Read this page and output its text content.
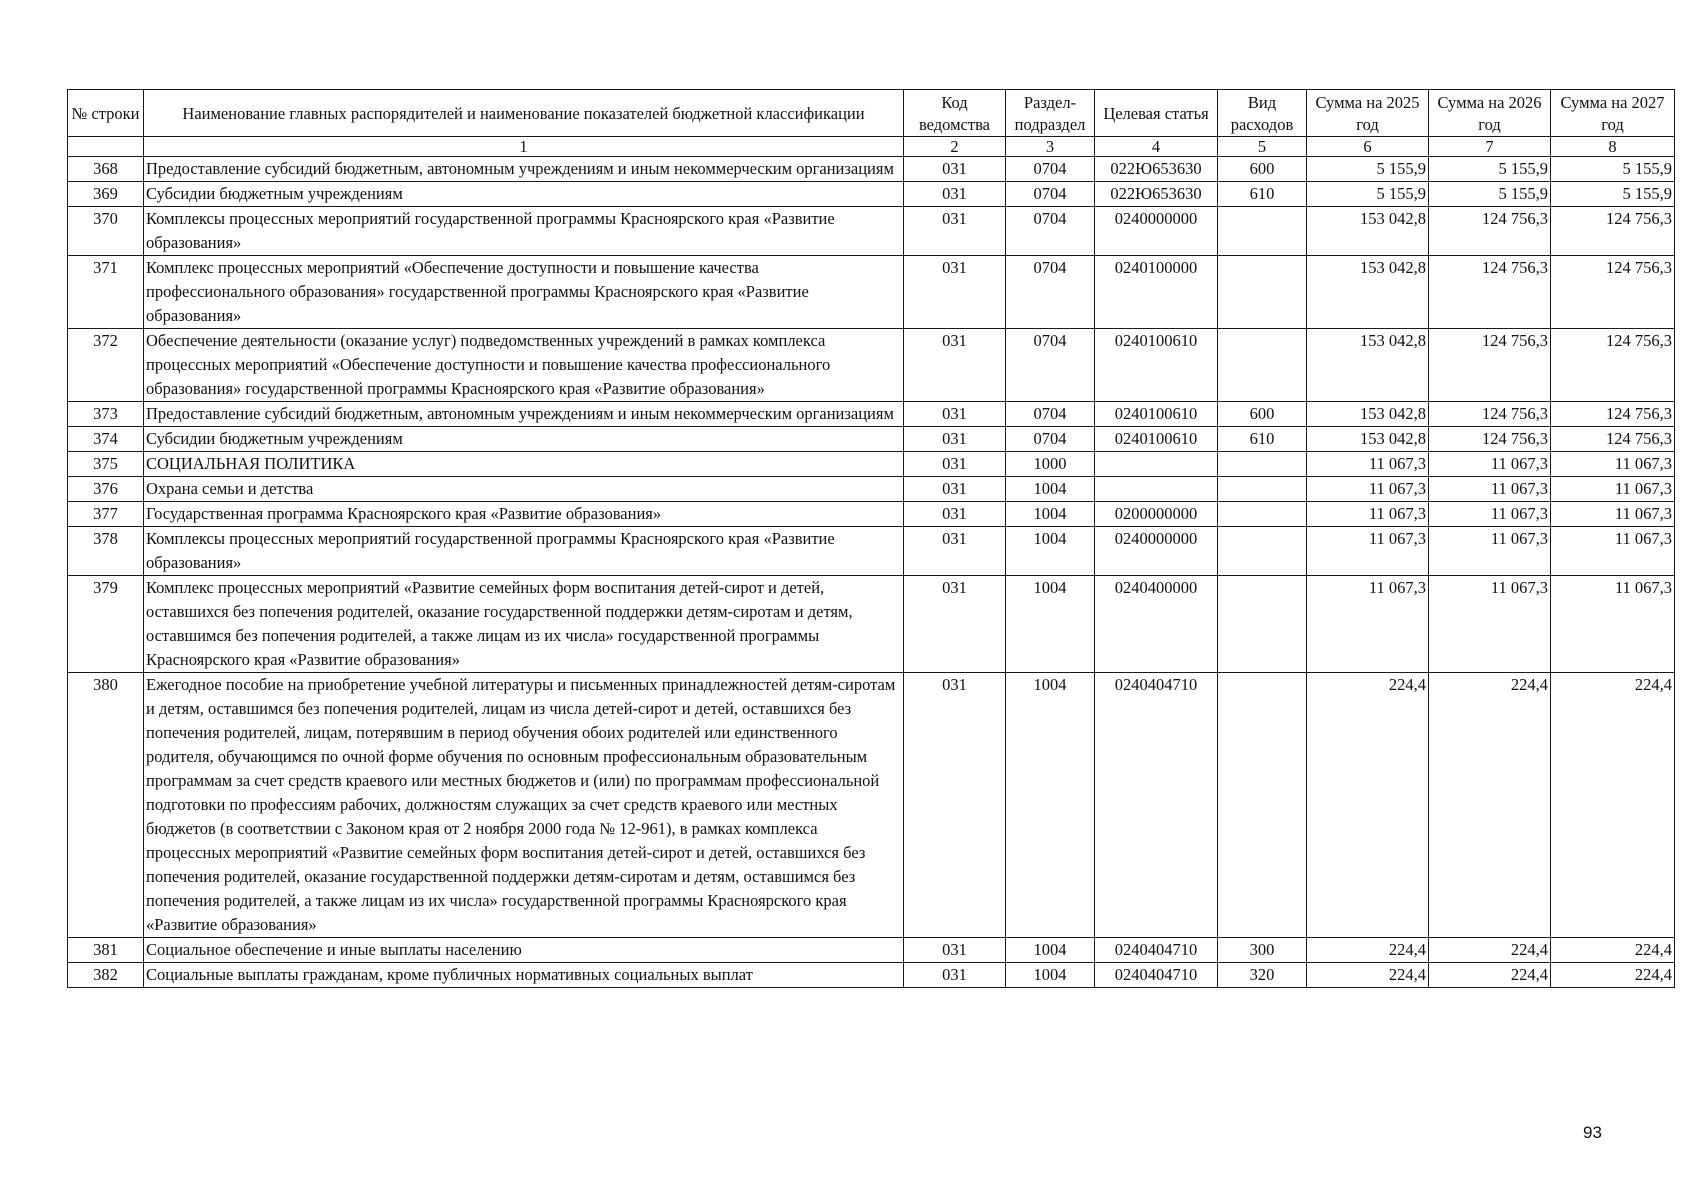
№ строки	Наименование главных распорядителей и наименование показателей бюджетной классификации	Код ведомства	Раздел- подраздел	Целевая статья	Вид расходов	Сумма на 2025 год	Сумма на 2026 год	Сумма на 2027 год
	1	2	3	4	5	6	7	8
368	Предоставление субсидий бюджетным, автономным учреждениям и иным некоммерческим организациям	031	0704	022Ю653630	600	5 155,9	5 155,9	5 155,9
369	Субсидии бюджетным учреждениям	031	0704	022Ю653630	610	5 155,9	5 155,9	5 155,9
370	Комплексы процессных мероприятий государственной программы Красноярского края «Развитие образования»	031	0704	0240000000		153 042,8	124 756,3	124 756,3
371	Комплекс процессных мероприятий «Обеспечение доступности и повышение качества профессионального образования» государственной программы Красноярского края «Развитие образования»	031	0704	0240100000		153 042,8	124 756,3	124 756,3
372	Обеспечение деятельности (оказание услуг) подведомственных учреждений в рамках комплекса процессных мероприятий «Обеспечение доступности и повышение качества профессионального образования» государственной программы Красноярского края «Развитие образования»	031	0704	0240100610		153 042,8	124 756,3	124 756,3
373	Предоставление субсидий бюджетным, автономным учреждениям и иным некоммерческим организациям	031	0704	0240100610	600	153 042,8	124 756,3	124 756,3
374	Субсидии бюджетным учреждениям	031	0704	0240100610	610	153 042,8	124 756,3	124 756,3
375	СОЦИАЛЬНАЯ ПОЛИТИКА	031	1000			11 067,3	11 067,3	11 067,3
376	Охрана семьи и детства	031	1004			11 067,3	11 067,3	11 067,3
377	Государственная программа Красноярского края «Развитие образования»	031	1004	0200000000		11 067,3	11 067,3	11 067,3
378	Комплексы процессных мероприятий государственной программы Красноярского края «Развитие образования»	031	1004	0240000000		11 067,3	11 067,3	11 067,3
379	Комплекс процессных мероприятий «Развитие семейных форм воспитания детей-сирот и детей, оставшихся без попечения родителей, оказание государственной поддержки детям-сиротам и детям, оставшимся без попечения родителей, а также лицам из их числа» государственной программы Красноярского края «Развитие образования»	031	1004	0240400000		11 067,3	11 067,3	11 067,3
380	Ежегодное пособие на приобретение учебной литературы и письменных принадлежностей детям-сиротам и детям, оставшимся без попечения родителей, лицам из числа детей-сирот и детей, оставшихся без попечения родителей, лицам, потерявшим в период обучения обоих родителей или единственного родителя, обучающимся по очной форме обучения по основным профессиональным образовательным программам за счет средств краевого или местных бюджетов и (или) по программам профессиональной подготовки по профессиям рабочих, должностям служащих за счет средств краевого или местных бюджетов (в соответствии с Законом края от 2 ноября 2000 года № 12-961), в рамках комплекса процессных мероприятий «Развитие семейных форм воспитания детей-сирот и детей, оставшихся без попечения родителей, оказание государственной поддержки детям-сиротам и детям, оставшимся без попечения родителей, а также лицам из их числа» государственной программы Красноярского края «Развитие образования»	031	1004	0240404710		224,4	224,4	224,4
381	Социальное обеспечение и иные выплаты населению	031	1004	0240404710	300	224,4	224,4	224,4
382	Социальные выплаты гражданам, кроме публичных нормативных социальных выплат	031	1004	0240404710	320	224,4	224,4	224,4
93
